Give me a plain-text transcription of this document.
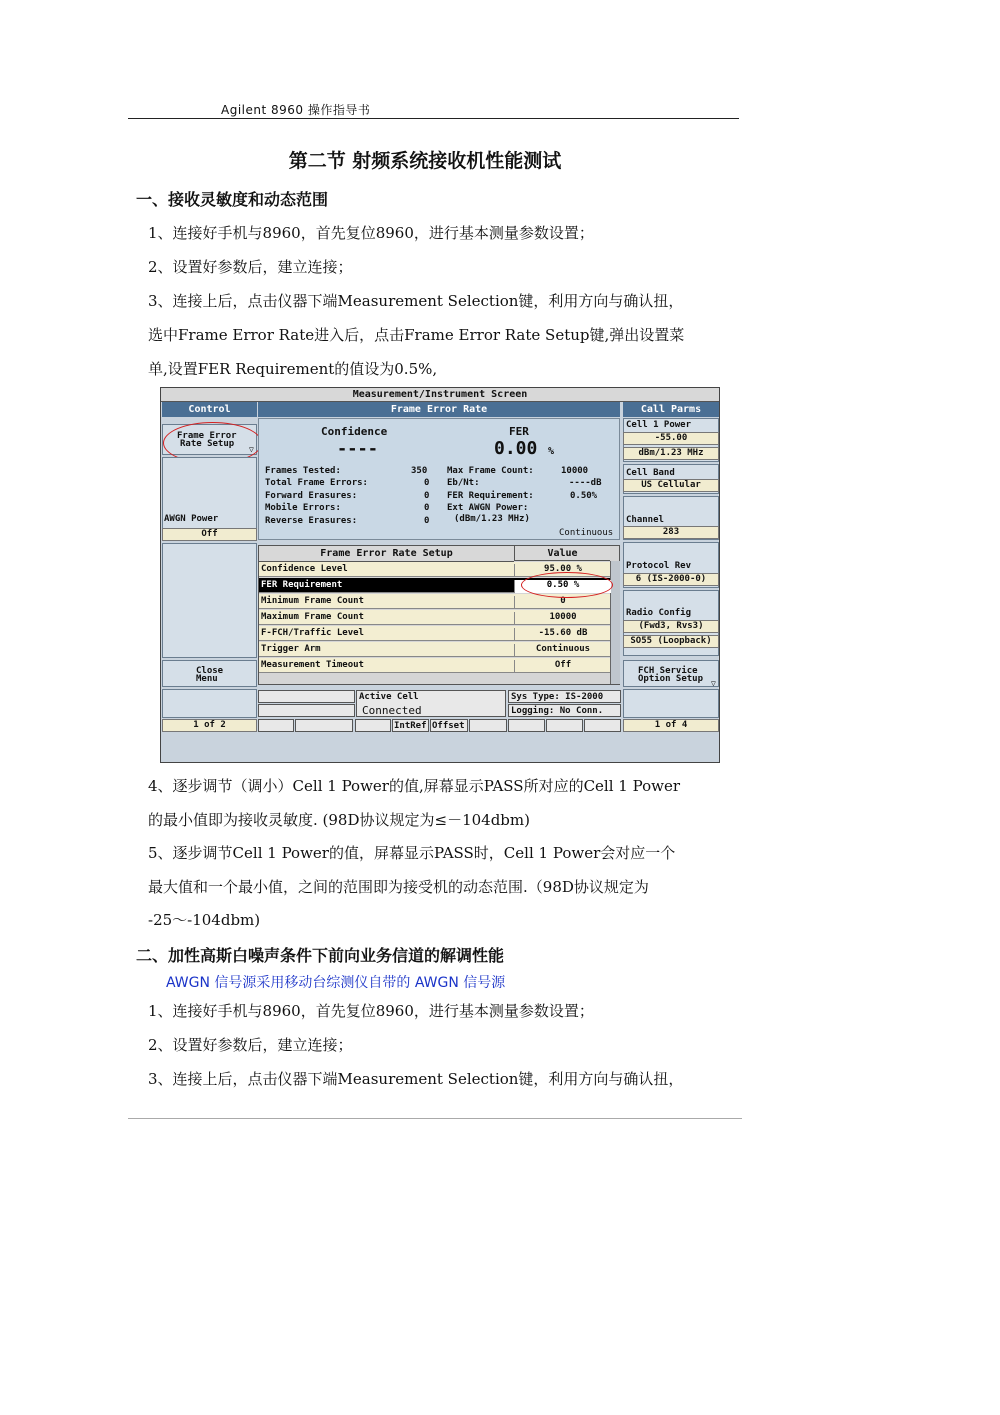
Agilent 8960 操作指导书
第二节 射频系统接收机性能测试
一、接收灵敏度和动态范围
1、连接好手机与8960，首先复位8960，进行基本测量参数设置；
2、设置好参数后，建立连接；
3、连接上后，点击仪器下端Measurement Selection键，利用方向与确认扭，
选中Frame Error Rate进入后，点击Frame Error Rate Setup键,弹出设置菜
单,设置FER Requirement的值设为0.5%,
Measurement/Instrument Screen
Control	Frame Error Rate	Call Parms
Frame Error
Rate Setup
▽
AWGN Power
Off
Close
Menu
1 of 2
Confidence
----
FER
0.00 %
Frames Tested:	350
Total Frame Errors:	0
Forward Erasures:	0
Mobile Errors:	0
Reverse Erasures:	0
Max Frame Count:	10000
Eb/Nt:	----dB
FER Requirement:	0.50%
Ext AWGN Power:
(dBm/1.23 MHz)
Continuous
Frame Error Rate Setup	Value
Confidence Level	95.00 %
FER Requirement	0.50 %
Minimum Frame Count	0
Maximum Frame Count	10000
F-FCH/Traffic Level	-15.60 dB
Trigger Arm	Continuous
Measurement Timeout	Off
Cell 1 Power
-55.00
dBm/1.23 MHz
Cell Band
US Cellular
Channel
283
Protocol Rev
6 (IS-2000-0)
Radio Config
(Fwd3, Rvs3)
SO55 (Loopback)
FCH Service
Option Setup ▽
1 of 4
Active Cell
Connected
Sys Type: IS-2000
Logging: No Conn.
IntRef Offset
4、逐步调节（调小）Cell 1 Power的值,屏幕显示PASS所对应的Cell 1 Power
的最小值即为接收灵敏度. (98D协议规定为≤－104dbm)
5、逐步调节Cell 1 Power的值，屏幕显示PASS时，Cell 1 Power会对应一个
最大值和一个最小值，之间的范围即为接受机的动态范围.（98D协议规定为
-25～-104dbm)
二、加性高斯白噪声条件下前向业务信道的解调性能
AWGN 信号源采用移动台综测仪自带的 AWGN 信号源
1、连接好手机与8960，首先复位8960，进行基本测量参数设置；
2、设置好参数后，建立连接；
3、连接上后，点击仪器下端Measurement Selection键，利用方向与确认扭，
